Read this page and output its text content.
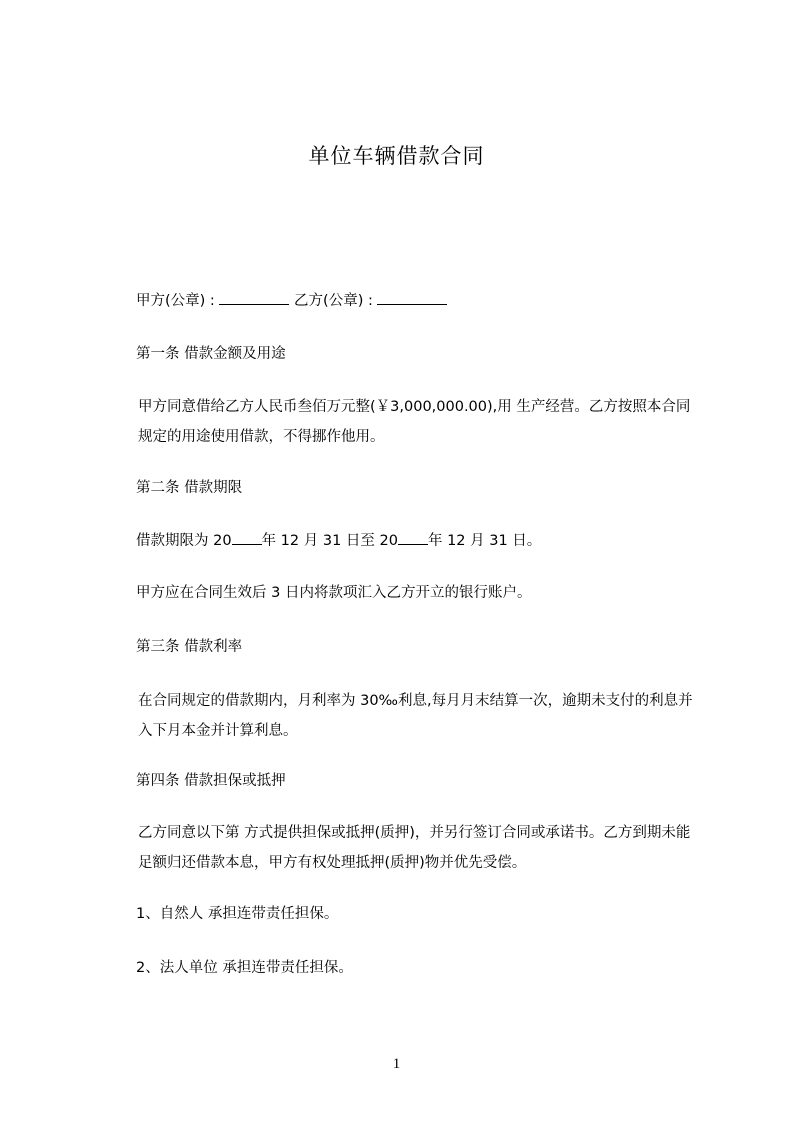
单位车辆借款合同
甲方(公章) :	乙方(公章) :
第一条 借款金额及用途
甲方同意借给乙方人民币叁佰万元整(￥3,000,000.00),用 生产经营。乙方按照本合同规定的用途使用借款，不得挪作他用。
第二条 借款期限
借款期限为 20 年 12 月 31 日至 20 年 12 月 31 日。
甲方应在合同生效后 3 日内将款项汇入乙方开立的银行账户。
第三条 借款利率
在合同规定的借款期内，月利率为 30‰利息,每月月末结算一次，逾期未支付的利息并入下月本金并计算利息。
第四条 借款担保或抵押
乙方同意以下第 方式提供担保或抵押(质押)，并另行签订合同或承诺书。乙方到期未能足额归还借款本息，甲方有权处理抵押(质押)物并优先受偿。
1、自然人 承担连带责任担保。
2、法人单位 承担连带责任担保。
1
